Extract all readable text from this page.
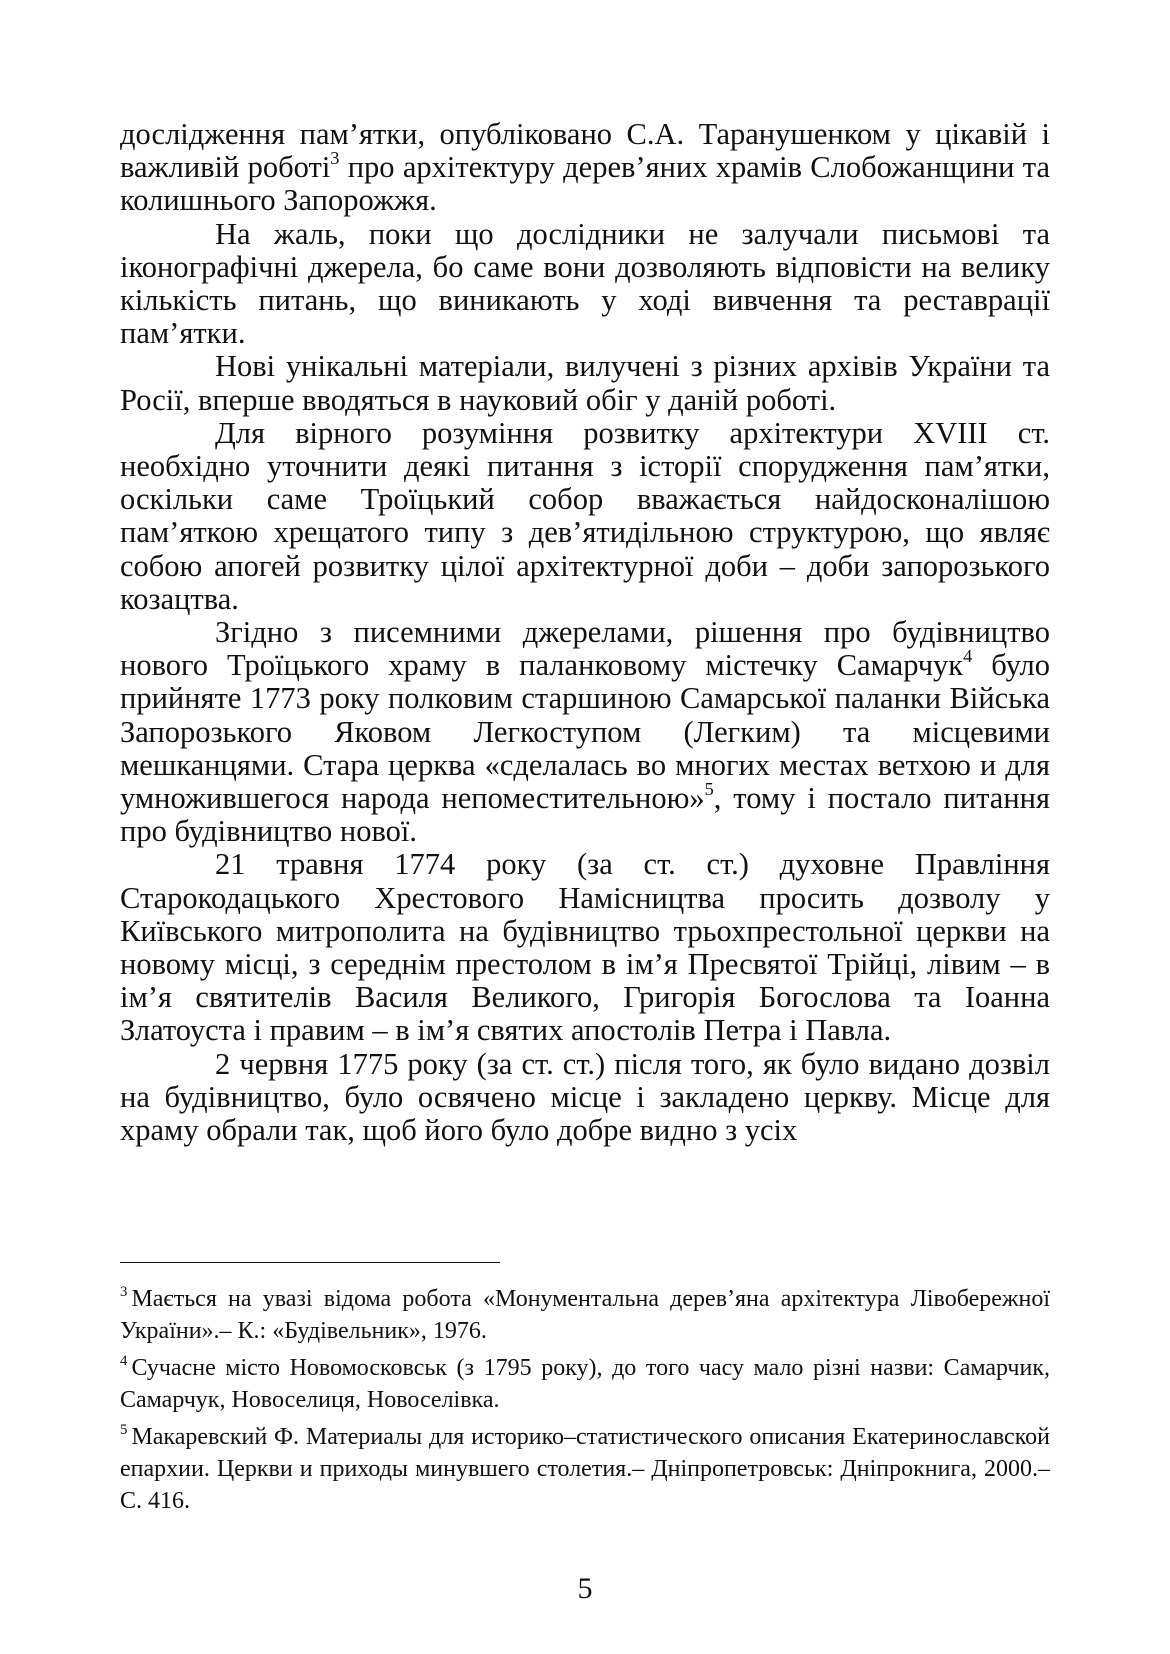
дослідження пам’ятки, опубліковано С.А. Таранушенком у цікавій і важливій роботі$^3$ про архітектуру дерев’яних храмів Слобожанщини та колишнього Запорожжя.

На жаль, поки що дослідники не залучали письмові та іконографічні джерела, бо саме вони дозволяють відповісти на велику кількість питань, що виникають у ході вивчення та реставрації пам’ятки.

Нові унікальні матеріали, вилучені з різних архівів України та Росії, вперше вводяться в науковий обіг у даній роботі.

Для вірного розуміння розвитку архітектури XVIII ст. необхідно уточнити деякі питання з історії спорудження пам’ятки, оскільки саме Троїцький собор вважається найдосконалішою пам’яткою хрещатого типу з дев’ятидільною структурою, що являє собою апогей розвитку цілої архітектурної доби – доби запорозького козацтва.

Згідно з писемними джерелами, рішення про будівництво нового Троїцького храму в паланковому містечку Самарчук$^4$ було прийняте 1773 року полковим старшиною Самарської паланки Війська Запорозького Яковом Легкоступом (Легким) та місцевими мешканцями. Стара церква «сделалась во многих местах ветхою и для умножившегося народа непоместительною»$^5$, тому і постало питання про будівництво нової.

21 травня 1774 року (за ст. ст.) духовне Правління Старокодацького Хрестового Намісництва просить дозволу у Київського митрополита на будівництво трьохпрестольної церкви на новому місці, з середнім престолом в ім’я Пресвятої Трійці, лівим – в ім’я святителів Василя Великого, Григорія Богослова та Іоанна Златоуста і правим – в ім’я святих апостолів Петра і Павла.

2 червня 1775 року (за ст. ст.) після того, як було видано дозвіл на будівництво, було освячено місце і закладено церкву. Місце для храму обрали так, щоб його було добре видно з усіх

$^3$ Мається на увазі відома робота «Монументальна дерев’яна архітектура Лівобережної України».– К.: «Будівельник», 1976.

$^4$ Сучасне місто Новомосковськ (з 1795 року), до того часу мало різні назви: Самарчик, Самарчук, Новоселиця, Новоселівка.

$^5$ Макаревский Ф. Материалы для историко–статистического описания Екатеринославской епархии. Церкви и приходы минувшего столетия.– Дніпропетровськ: Дніпрокнига, 2000.– С. 416.

5
